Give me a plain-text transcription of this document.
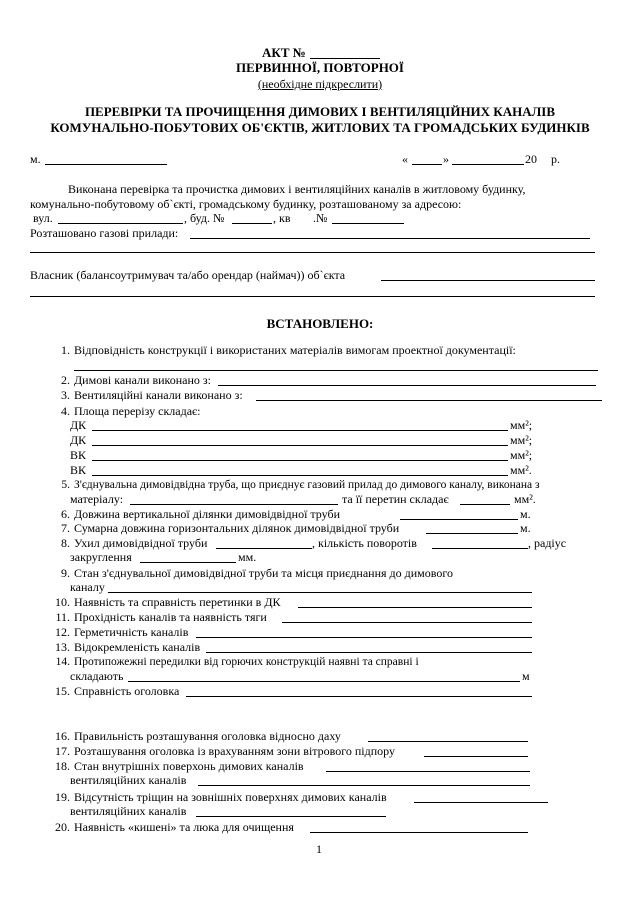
АКТ №
ПЕРВИННОЇ, ПОВТОРНОЇ
(необхідне підкреслити)
ПЕРЕВІРКИ ТА ПРОЧИЩЕННЯ ДИМОВИХ І ВЕНТИЛЯЦІЙНИХ КАНАЛІВ
КОМУНАЛЬНО-ПОБУТОВИХ ОБ'ЄКТІВ, ЖИТЛОВИХ ТА ГРОМАДСЬКИХ БУДИНКІВ
м.	«	»	20 р.
Виконана перевірка та прочистка димових і вентиляційних каналів в житловому будинку,
комунально-побутовому об`єкті, громадському будинку, розташованому за адресою:
вул.	, буд. №	, кв .№
Розташовано газові прилади:
Власник (балансоутримувач та/або орендар (наймач)) об`єкта
ВСТАНОВЛЕНО:
1. Відповідність конструкції і використаних матеріалів вимогам проектної документації:
2. Димові канали виконано з:
3. Вентиляційні канали виконано з:
4. Площа перерізу складає:
ДК	мм²;
ДК	мм²;
ВК	мм²;
ВК	мм².
5. З'єднувальна димовідвідна труба, що приєднує газовий прилад до димового каналу, виконана з
матеріалу:	та її перетин складає	мм².
6. Довжина вертикальної ділянки димовідвідної труби	м.
7. Сумарна довжина горизонтальних ділянок димовідвідної труби	м.
8. Ухил димовідвідної труби	, кількість поворотів	, радіус
закруглення	мм.
9. Стан з'єднувальної димовідвідної труби та місця приєднання до димового
каналу
10. Наявність та справність перетинки в ДК
11. Прохідність каналів та наявність тяги
12. Герметичність каналів
13. Відокремленість каналів
14. Протипожежні передилки від горючих конструкцій наявні та справні і
складають	м
15. Справність оголовка
16. Правильність розташування оголовка відносно даху
17. Розташування оголовка із врахуванням зони вітрового підпору
18. Стан внутрішніх поверхонь димових каналів
вентиляційних каналів
19. Відсутність тріщин на зовнішніх поверхнях димових каналів
вентиляційних каналів
20. Наявність «кишені» та люка для очищення
1
